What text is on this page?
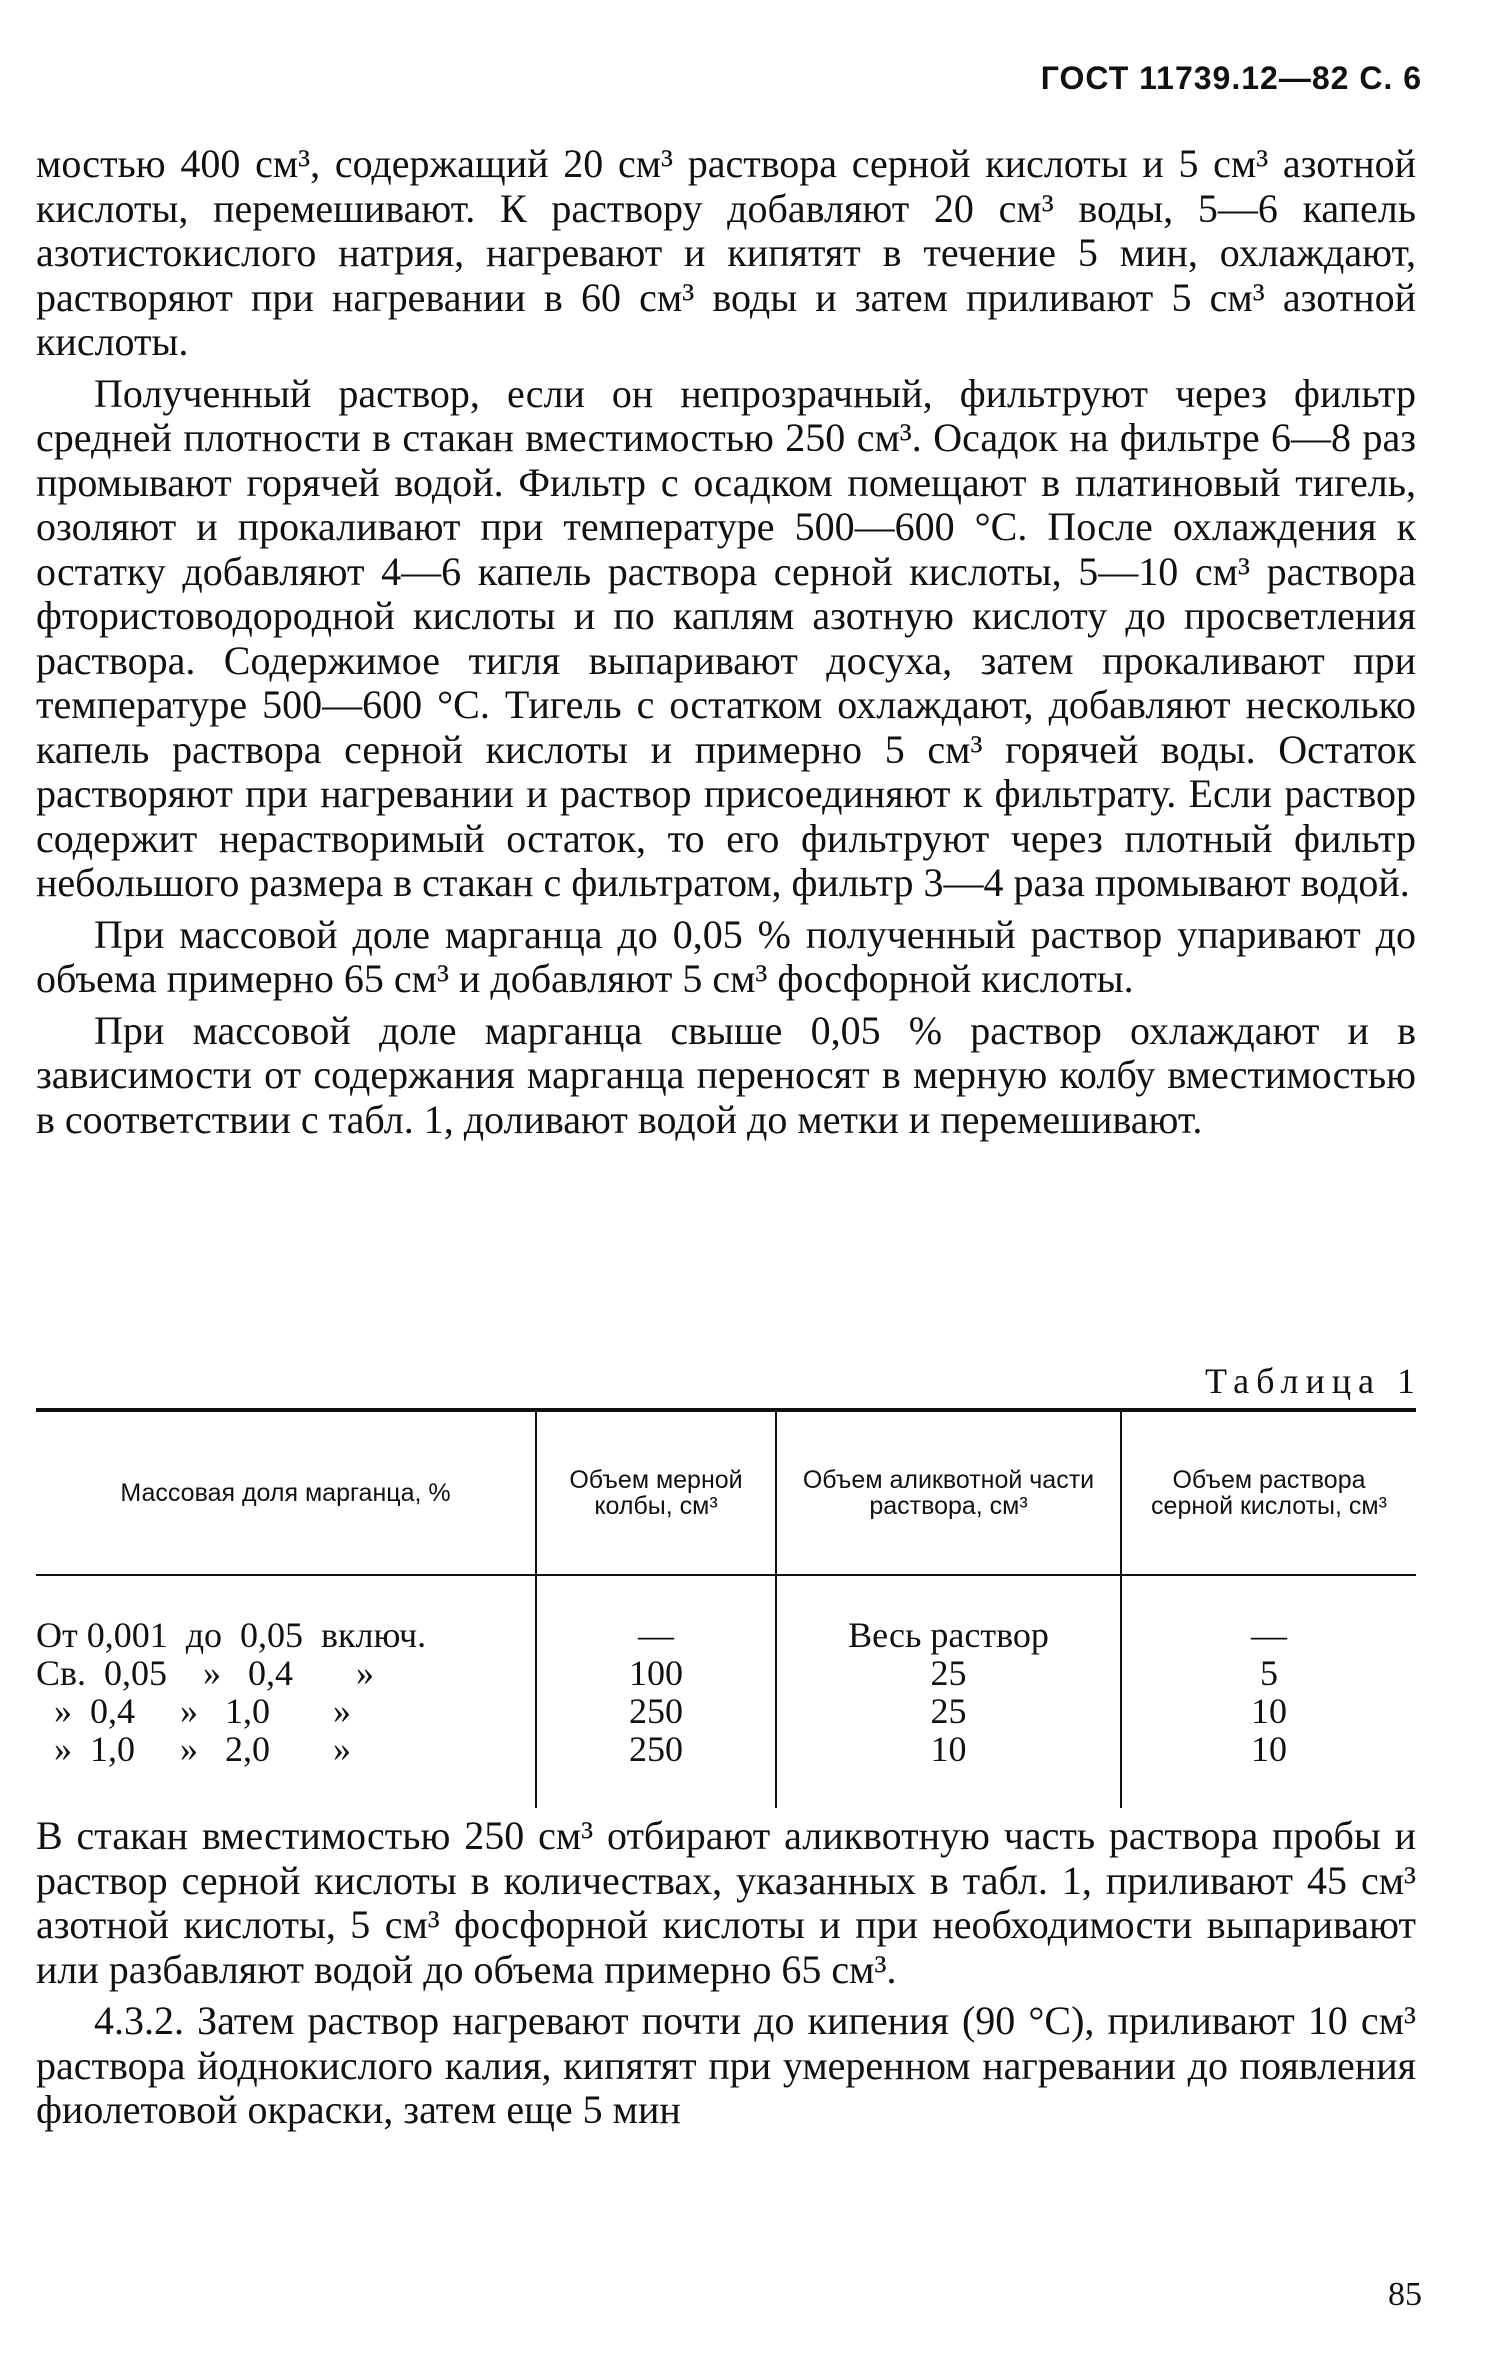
ГОСТ 11739.12—82 С. 6

мостью 400 см³, содержащий 20 см³ раствора серной кислоты и 5 см³ азотной кислоты, перемешивают. К раствору добавляют 20 см³ воды, 5—6 капель азотистокислого натрия, нагревают и кипятят в течение 5 мин, охлаждают, растворяют при нагревании в 60 см³ воды и затем приливают 5 см³ азотной кислоты.

Полученный раствор, если он непрозрачный, фильтруют через фильтр средней плотности в стакан вместимостью 250 см³. Осадок на фильтре 6—8 раз промывают горячей водой. Фильтр с осадком помещают в платиновый тигель, озоляют и прокаливают при температуре 500—600 °С. После охлаждения к остатку добавляют 4—6 капель раствора серной кислоты, 5—10 см³ раствора фтористоводородной кислоты и по каплям азотную кислоту до просветления раствора. Содержимое тигля выпаривают досуха, затем прокаливают при температуре 500—600 °С. Тигель с остатком охлаждают, добавляют несколько капель раствора серной кислоты и примерно 5 см³ горячей воды. Остаток растворяют при нагревании и раствор присоединяют к фильтрату. Если раствор содержит нерастворимый остаток, то его фильтруют через плотный фильтр небольшого размера в стакан с фильтратом, фильтр 3—4 раза промывают водой.

При массовой доле марганца до 0,05 % полученный раствор упаривают до объема примерно 65 см³ и добавляют 5 см³ фосфорной кислоты.

При массовой доле марганца свыше 0,05 % раствор охлаждают и в зависимости от содержания марганца переносят в мерную колбу вместимостью в соответствии с табл. 1, доливают водой до метки и перемешивают.

Таблица 1
Массовая доля марганца, %	Объем мерной колбы, см³	Объем аликвотной части раствора, см³	Объем раствора серной кислоты, см³
От 0,001  до  0,05  включ.	—	Весь раствор	—
Св.  0,05    »   0,4       »	100	25	5
»  0,4     »   1,0       »	250	25	10
»  1,0     »   2,0       »	250	10	10

В стакан вместимостью 250 см³ отбирают аликвотную часть раствора пробы и раствор серной кислоты в количествах, указанных в табл. 1, приливают 45 см³ азотной кислоты, 5 см³ фосфорной кислоты и при необходимости выпаривают или разбавляют водой до объема примерно 65 см³.

4.3.2. Затем раствор нагревают почти до кипения (90 °С), приливают 10 см³ раствора йоднокислого калия, кипятят при умеренном нагревании до появления фиолетовой окраски, затем еще 5 мин

85
